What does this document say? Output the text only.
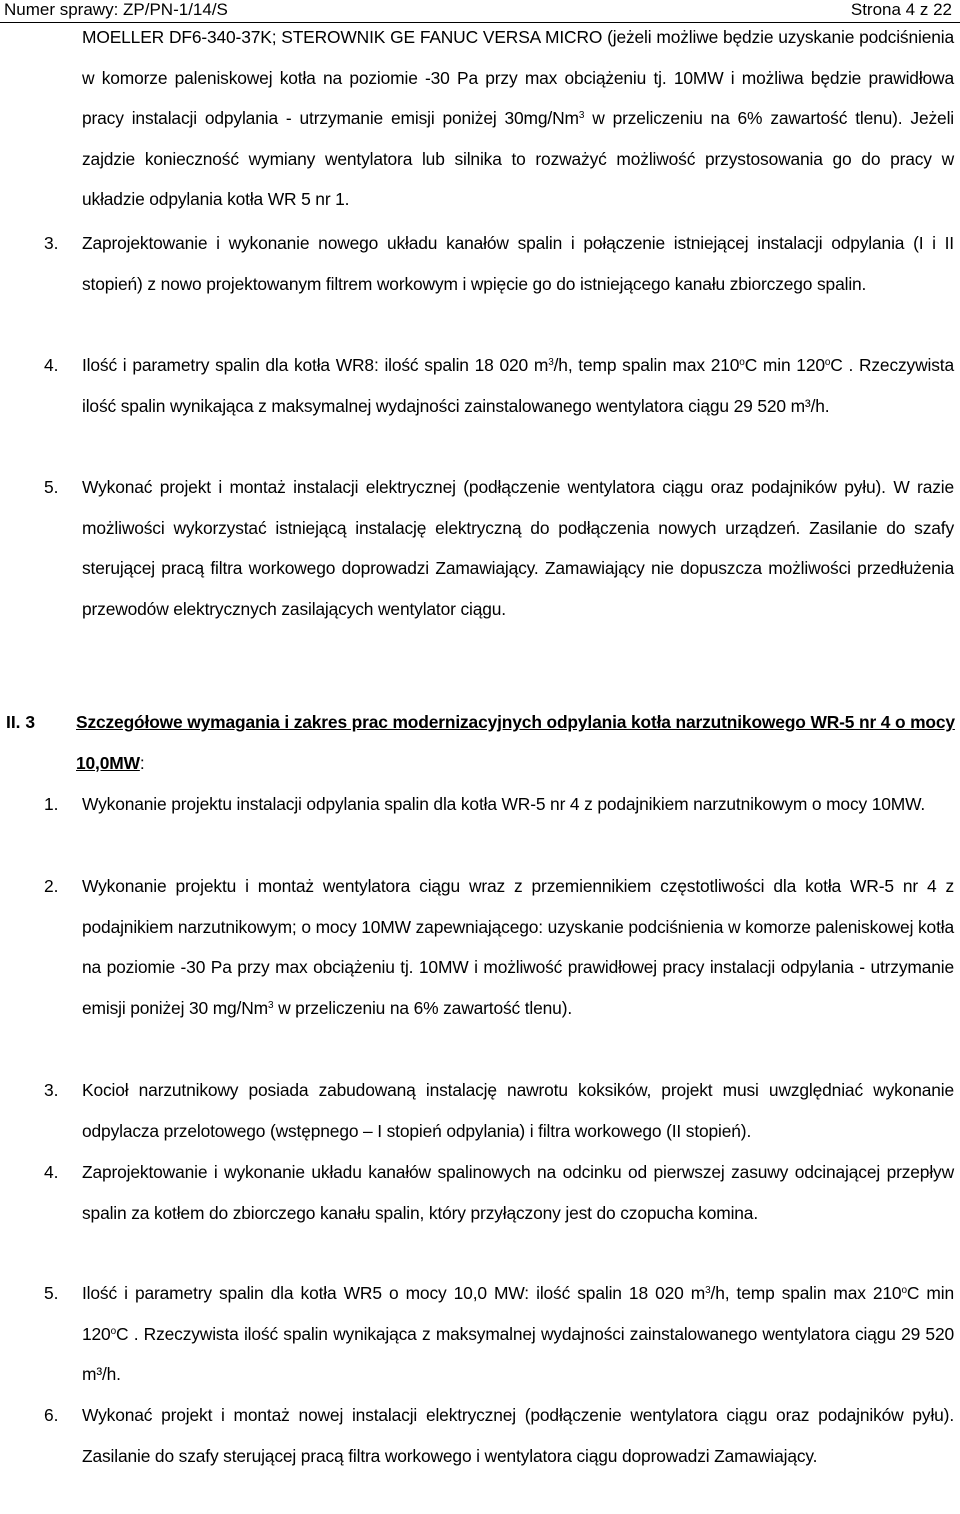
Numer sprawy: ZP/PN-1/14/S	Strona 4 z 22
MOELLER DF6-340-37K; STEROWNIK GE FANUC VERSA MICRO (jeżeli możliwe będzie uzyskanie podciśnienia w komorze paleniskowej kotła na poziomie -30 Pa przy max obciążeniu tj. 10MW i możliwa będzie prawidłowa pracy instalacji odpylania - utrzymanie emisji poniżej 30mg/Nm$^3$ w przeliczeniu na 6% zawartość tlenu). Jeżeli zajdzie konieczność wymiany wentylatora lub silnika to rozważyć możliwość przystosowania go do pracy w układzie odpylania kotła WR 5 nr 1.
3. Zaprojektowanie i wykonanie nowego układu kanałów spalin i połączenie istniejącej instalacji odpylania (I i II stopień) z nowo projektowanym filtrem workowym i wpięcie go do istniejącego kanału zbiorczego spalin.
4. Ilość i parametry spalin dla kotła WR8: ilość spalin 18 020 $m^3/h$, temp spalin max 210$^o$C min 120$^o$C . Rzeczywista ilość spalin wynikająca z maksymalnej wydajności zainstalowanego wentylatora ciągu 29 520 m³/h.
5. Wykonać projekt i montaż instalacji elektrycznej (podłączenie wentylatora ciągu oraz podajników pyłu). W razie możliwości wykorzystać istniejącą instalację elektryczną do podłączenia nowych urządzeń. Zasilanie do szafy sterującej pracą filtra workowego doprowadzi Zamawiający. Zamawiający nie dopuszcza możliwości przedłużenia przewodów elektrycznych zasilających wentylator ciągu.
II. 3 Szczegółowe wymagania i zakres prac modernizacyjnych odpylania kotła narzutnikowego WR-5 nr 4 o mocy 10,0MW:
1. Wykonanie projektu instalacji odpylania spalin dla kotła WR-5 nr 4 z podajnikiem narzutnikowym o mocy 10MW.
2. Wykonanie projektu i montaż wentylatora ciągu wraz z przemiennikiem częstotliwości dla kotła WR-5 nr 4 z podajnikiem narzutnikowym; o mocy 10MW zapewniającego: uzyskanie podciśnienia w komorze paleniskowej kotła na poziomie -30 Pa przy max obciążeniu tj. 10MW i możliwość prawidłowej pracy instalacji odpylania - utrzymanie emisji poniżej 30 mg/Nm$^3$ w przeliczeniu na 6% zawartość tlenu).
3. Kocioł narzutnikowy posiada zabudowaną instalację nawrotu koksików, projekt musi uwzględniać wykonanie odpylacza przelotowego (wstępnego – I stopień odpylania) i filtra workowego (II stopień).
4. Zaprojektowanie i wykonanie układu kanałów spalinowych na odcinku od pierwszej zasuwy odcinającej przepływ spalin za kotłem do zbiorczego kanału spalin, który przyłączony jest do czopucha komina.
5. Ilość i parametry spalin dla kotła WR5 o mocy 10,0 MW: ilość spalin 18 020 $m^3/h$, temp spalin max 210$^o$C min 120$^o$C . Rzeczywista ilość spalin wynikająca z maksymalnej wydajności zainstalowanego wentylatora ciągu 29 520 m³/h.
6. Wykonać projekt i montaż nowej instalacji elektrycznej (podłączenie wentylatora ciągu oraz podajników pyłu). Zasilanie do szafy sterującej pracą filtra workowego i wentylatora ciągu doprowadzi Zamawiający.
